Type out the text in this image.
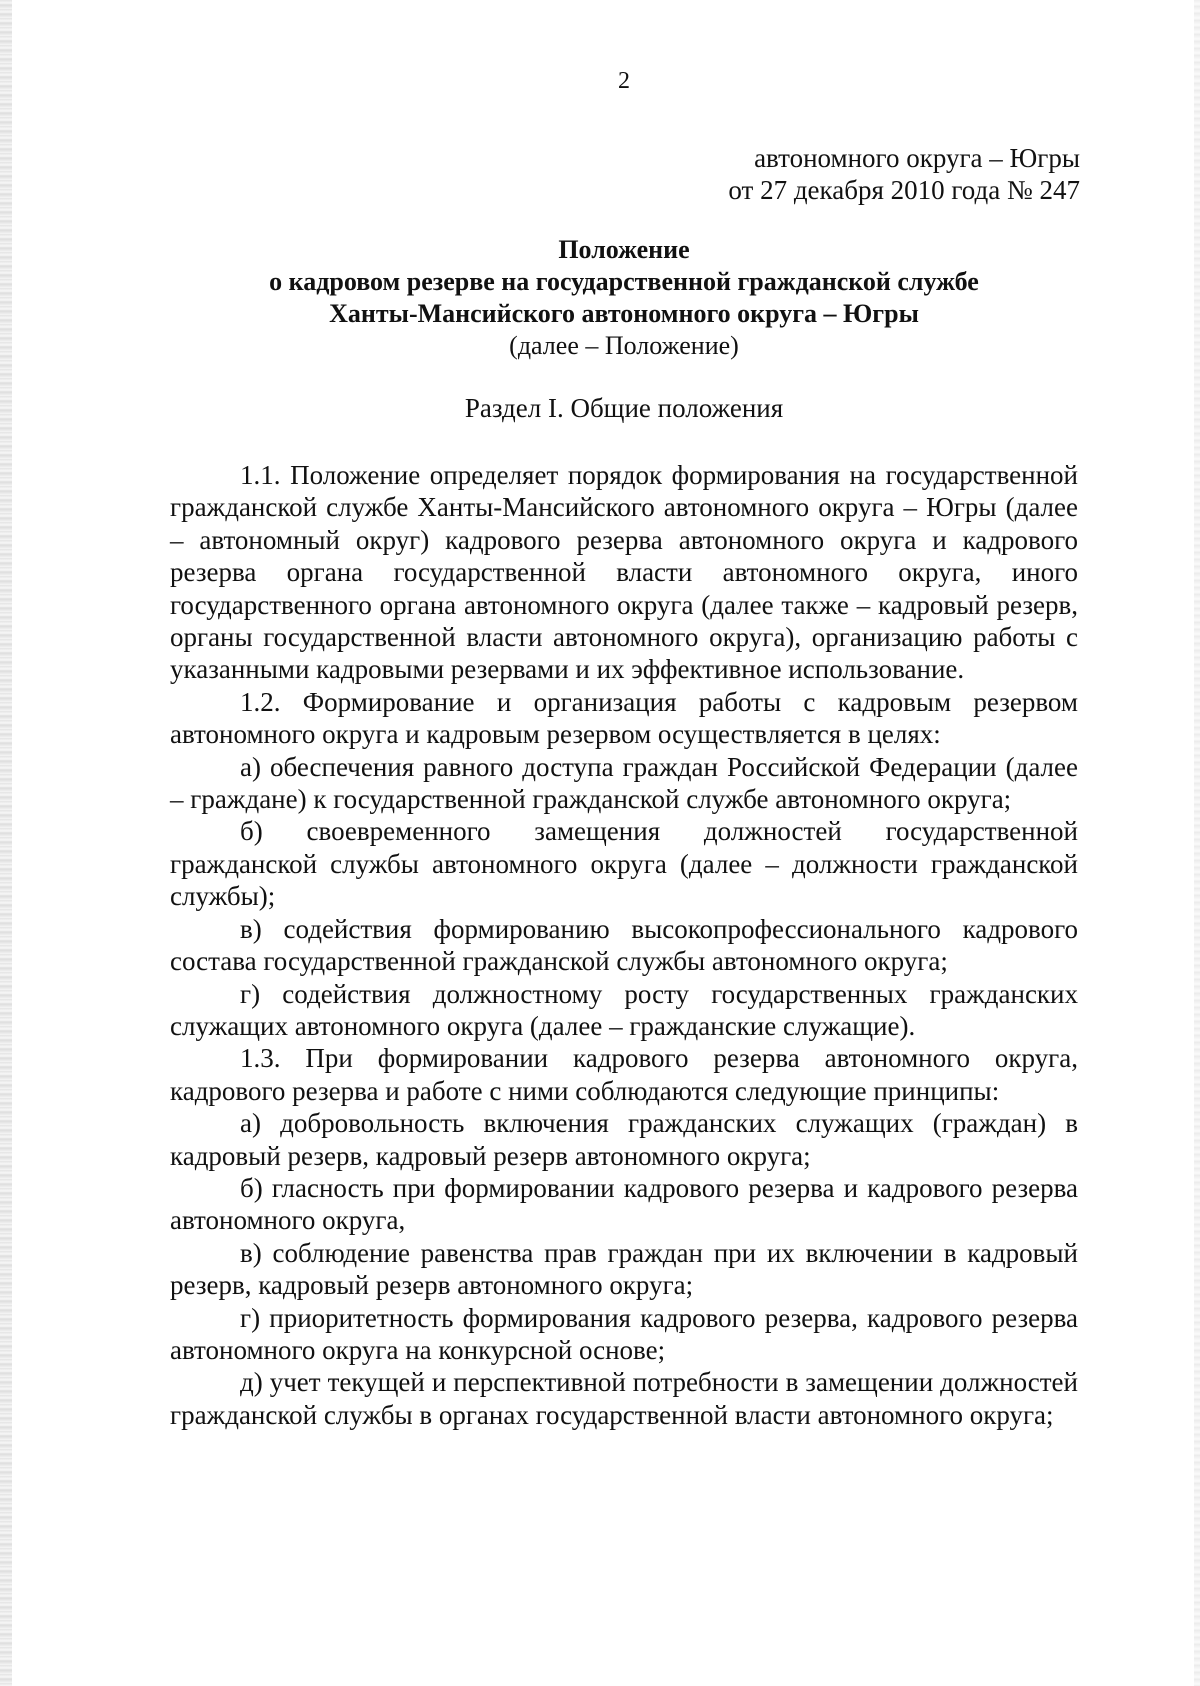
2
автономного округа – Югры
от 27 декабря 2010 года № 247
Положение
о кадровом резерве на государственной гражданской службе
Ханты-Мансийского автономного округа – Югры
(далее – Положение)
Раздел I. Общие положения

1.1. Положение определяет порядок формирования на государственной гражданской службе Ханты-Мансийского автономного округа – Югры (далее – автономный округ) кадрового резерва автономного округа и кадрового резерва органа государственной власти автономного округа, иного государственного органа автономного округа (далее также – кадровый резерв, органы государственной власти автономного округа), организацию работы с указанными кадровыми резервами и их эффективное использование.

1.2. Формирование и организация работы с кадровым резервом автономного округа и кадровым резервом осуществляется в целях:

а) обеспечения равного доступа граждан Российской Федерации (далее – граждане) к государственной гражданской службе автономного округа;

б) своевременного замещения должностей государственной гражданской службы автономного округа (далее – должности гражданской службы);

в) содействия формированию высокопрофессионального кадрового состава государственной гражданской службы автономного округа;

г) содействия должностному росту государственных гражданских служащих автономного округа (далее – гражданские служащие).

1.3. При формировании кадрового резерва автономного округа, кадрового резерва и работе с ними соблюдаются следующие принципы:

а) добровольность включения гражданских служащих (граждан) в кадровый резерв, кадровый резерв автономного округа;

б) гласность при формировании кадрового резерва и кадрового резерва автономного округа,

в) соблюдение равенства прав граждан при их включении в кадровый резерв, кадровый резерв автономного округа;

г) приоритетность формирования кадрового резерва, кадрового резерва автономного округа на конкурсной основе;

д) учет текущей и перспективной потребности в замещении должностей гражданской службы в органах государственной власти автономного округа;
